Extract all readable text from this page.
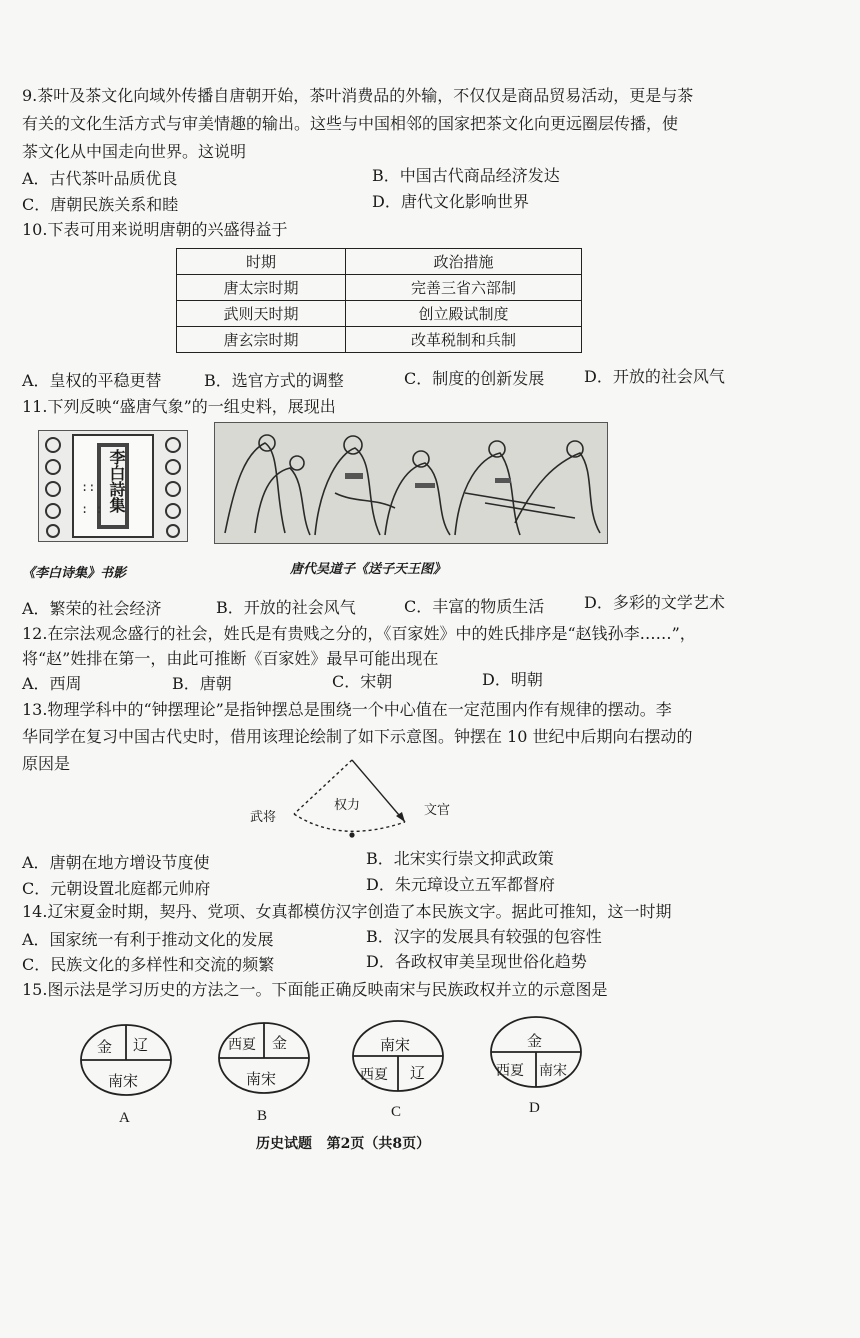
9.茶叶及茶文化向域外传播自唐朝开始，茶叶消费品的外输，不仅仅是商品贸易活动，更是与茶
有关的文化生活方式与审美情趣的输出。这些与中国相邻的国家把茶文化向更远圈层传播，使
茶文化从中国走向世界。这说明
A．古代茶叶品质优良	B．中国古代商品经济发达
C．唐朝民族关系和睦	D．唐代文化影响世界
10.下表可用来说明唐朝的兴盛得益于
时期	政治措施
唐太宗时期	完善三省六部制
武则天时期	创立殿试制度
唐玄宗时期	改革税制和兵制
A．皇权的平稳更替	B．选官方式的调整	C．制度的创新发展 D．开放的社会风气
11.下列反映“盛唐气象”的一组史料，展现出
::
: : 李白詩集
《李白诗集》书影	唐代吴道子《送子天王图》
A．繁荣的社会经济	B．开放的社会风气	C．丰富的物质生活 D．多彩的文学艺术
12.在宗法观念盛行的社会，姓氏是有贵贱之分的，《百家姓》中的姓氏排序是“赵钱孙李……”，
将“赵”姓排在第一，由此可推断《百家姓》最早可能出现在
A．西周	B．唐朝	C．宋朝	D．明朝
13.物理学科中的“钟摆理论”是指钟摆总是围绕一个中心值在一定范围内作有规律的摆动。李
华同学在复习中国古代史时，借用该理论绘制了如下示意图。钟摆在 10 世纪中后期向右摆动的
原因是
武将
权力	文官
A．唐朝在地方增设节度使	B．北宋实行崇文抑武政策
C．元朝设置北庭都元帅府	D．朱元璋设立五军都督府
14.辽宋夏金时期，契丹、党项、女真都模仿汉字创造了本民族文字。据此可推知，这一时期
A．国家统一有利于推动文化的发展	B．汉字的发展具有较强的包容性
C．民族文化的多样性和交流的频繁	D．各政权审美呈现世俗化趋势
15.图示法是学习历史的方法之一。下面能正确反映南宋与民族政权并立的示意图是
金 辽
南宋
A
西夏 金
南宋
B
南宋
西夏 辽
C
金
西夏 南宋
D
历史试题   第2页（共8页）
